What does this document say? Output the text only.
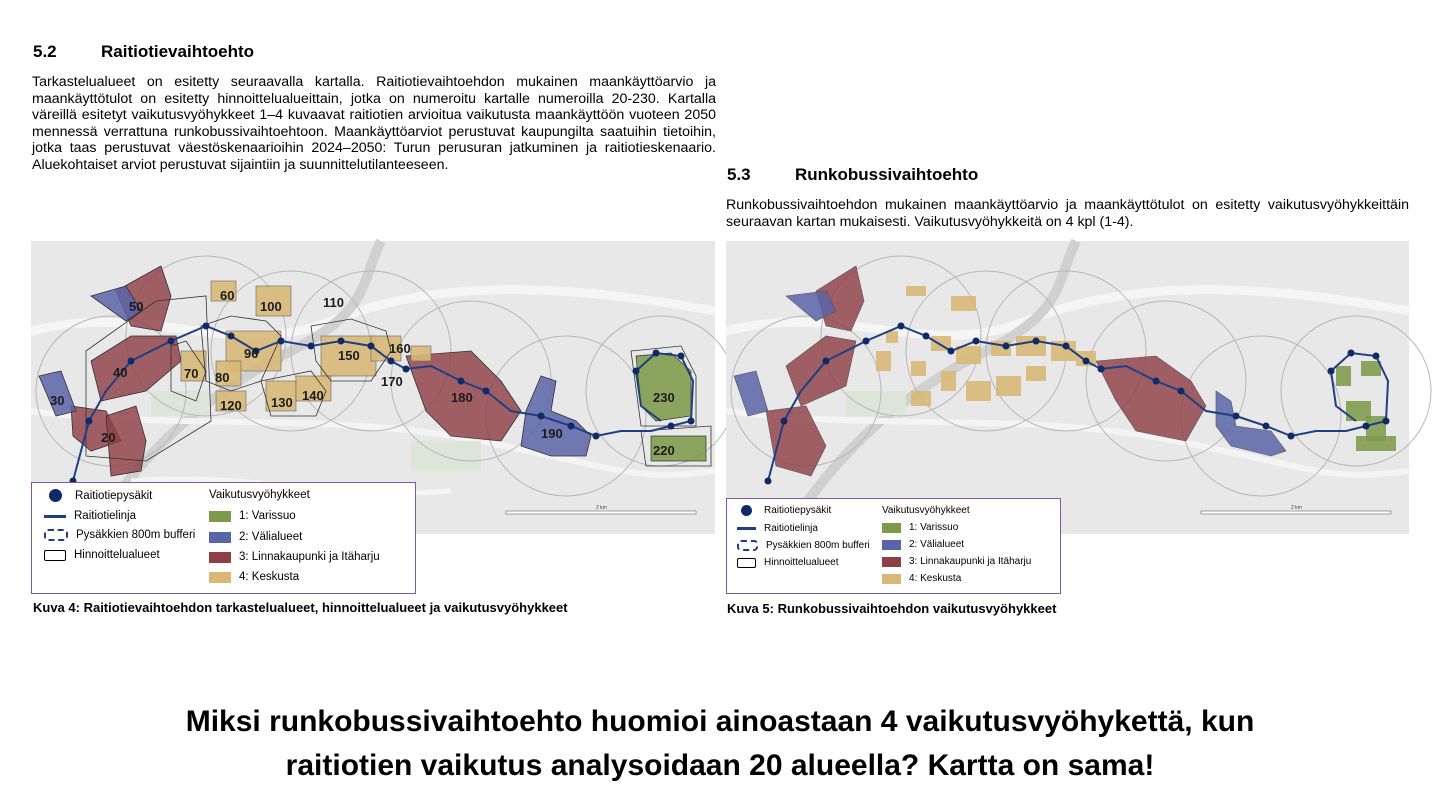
5.2	Raitiotievaihtoehto
Tarkastelualueet on esitetty seuraavalla kartalla. Raitiotievaihtoehdon mukainen maankäyttöarvio ja maankäyttötulot on esitetty hinnoittelualueittain, jotka on numeroitu kartalle numeroilla 20-230. Kartalla väreillä esitetyt vaikutusvyöhykkeet 1–4 kuvaavat raitiotien arvioitua vaikutusta maankäyttöön vuoteen 2050 mennessä verrattuna runkobussivaihtoehtoon. Maankäyttöarviot perustuvat kaupungilta saatuihin tietoihin, jotka taas perustuvat väestöskenaarioihin 2024–2050: Turun perusuran jatkuminen ja raitiotieskenaario. Aluekohtaiset arviot perustuvat sijaintiin ja suunnittelutilanteeseen.
50
60
100	110
40
90	150 160
70 80	170
30	120 130 140	180	230
20	190
220
2 km
Raitiotiepysäkit
Raitiotielinja
Pysäkkien 800m bufferi
Hinnoittelualueet
Vaikutusvyöhykkeet
1: Varissuo
2: Välialueet
3: Linnakaupunki ja Itäharju
4: Keskusta
Kuva 4: Raitiotievaihtoehdon tarkastelualueet, hinnoittelualueet ja vaikutusvyöhykkeet
5.3	Runkobussivaihtoehto
Runkobussivaihtoehdon mukainen maankäyttöarvio ja maankäyttötulot on esitetty vaikutusvyöhykkeittäin seuraavan kartan mukaisesti. Vaikutusvyöhykkeitä on 4 kpl (1-4).
2 km
Raitiotiepysäkit
Raitiotielinja
Pysäkkien 800m bufferi
Hinnoittelualueet
Vaikutusvyöhykkeet
1: Varissuo
2: Välialueet
3: Linnakaupunki ja Itäharju
4: Keskusta
Kuva 5: Runkobussivaihtoehdon vaikutusvyöhykkeet
Miksi runkobussivaihtoehto huomioi ainoastaan 4 vaikutusvyöhykettä, kun
raitiotien vaikutus analysoidaan 20 alueella? Kartta on sama!
